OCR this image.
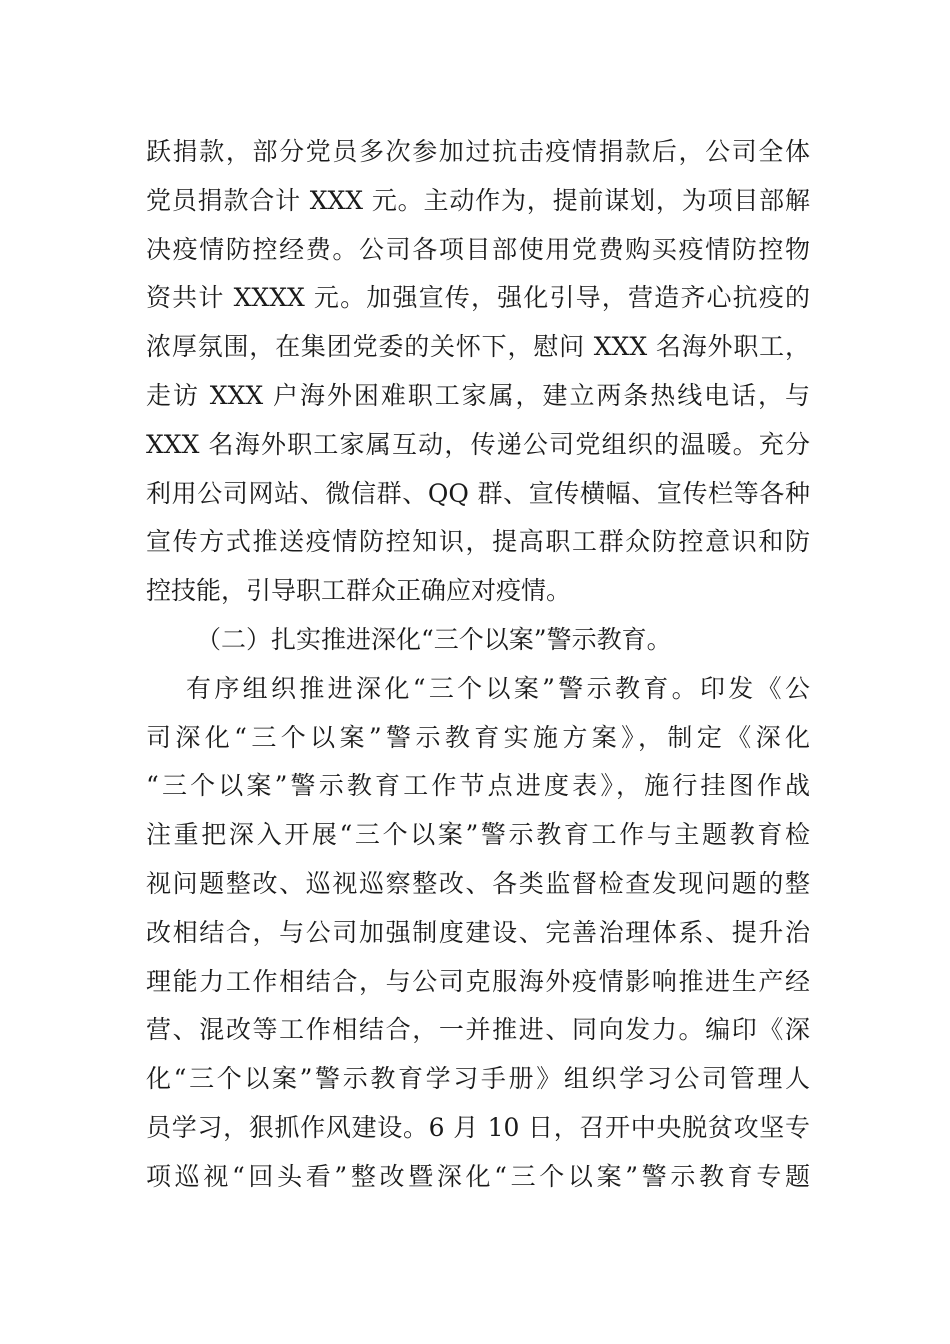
跃捐款，部分党员多次参加过抗击疫情捐款后，公司全体
党员捐款合计 XXX 元。主动作为，提前谋划，为项目部解
决疫情防控经费。公司各项目部使用党费购买疫情防控物
资共计 XXXX 元。加强宣传，强化引导，营造齐心抗疫的
浓厚氛围，在集团党委的关怀下，慰问 XXX 名海外职工，
走访 XXX 户海外困难职工家属，建立两条热线电话，与
XXX 名海外职工家属互动，传递公司党组织的温暖。充分
利用公司网站、微信群、QQ 群、宣传横幅、宣传栏等各种
宣传方式推送疫情防控知识，提高职工群众防控意识和防
控技能，引导职工群众正确应对疫情。
（二）扎实推进深化“三个以案”警示教育。
有序组织推进深化“三个以案”警示教育。印发《公
司深化“三个以案”警示教育实施方案》，制定《深化
“三个以案”警示教育工作节点进度表》，施行挂图作战
注重把深入开展“三个以案”警示教育工作与主题教育检
视问题整改、巡视巡察整改、各类监督检查发现问题的整
改相结合，与公司加强制度建设、完善治理体系、提升治
理能力工作相结合，与公司克服海外疫情影响推进生产经
营、混改等工作相结合，一并推进、同向发力。编印《深
化“三个以案”警示教育学习手册》组织学习公司管理人
员学习，狠抓作风建设。6 月 10 日，召开中央脱贫攻坚专
项巡视“回头看”整改暨深化“三个以案”警示教育专题
